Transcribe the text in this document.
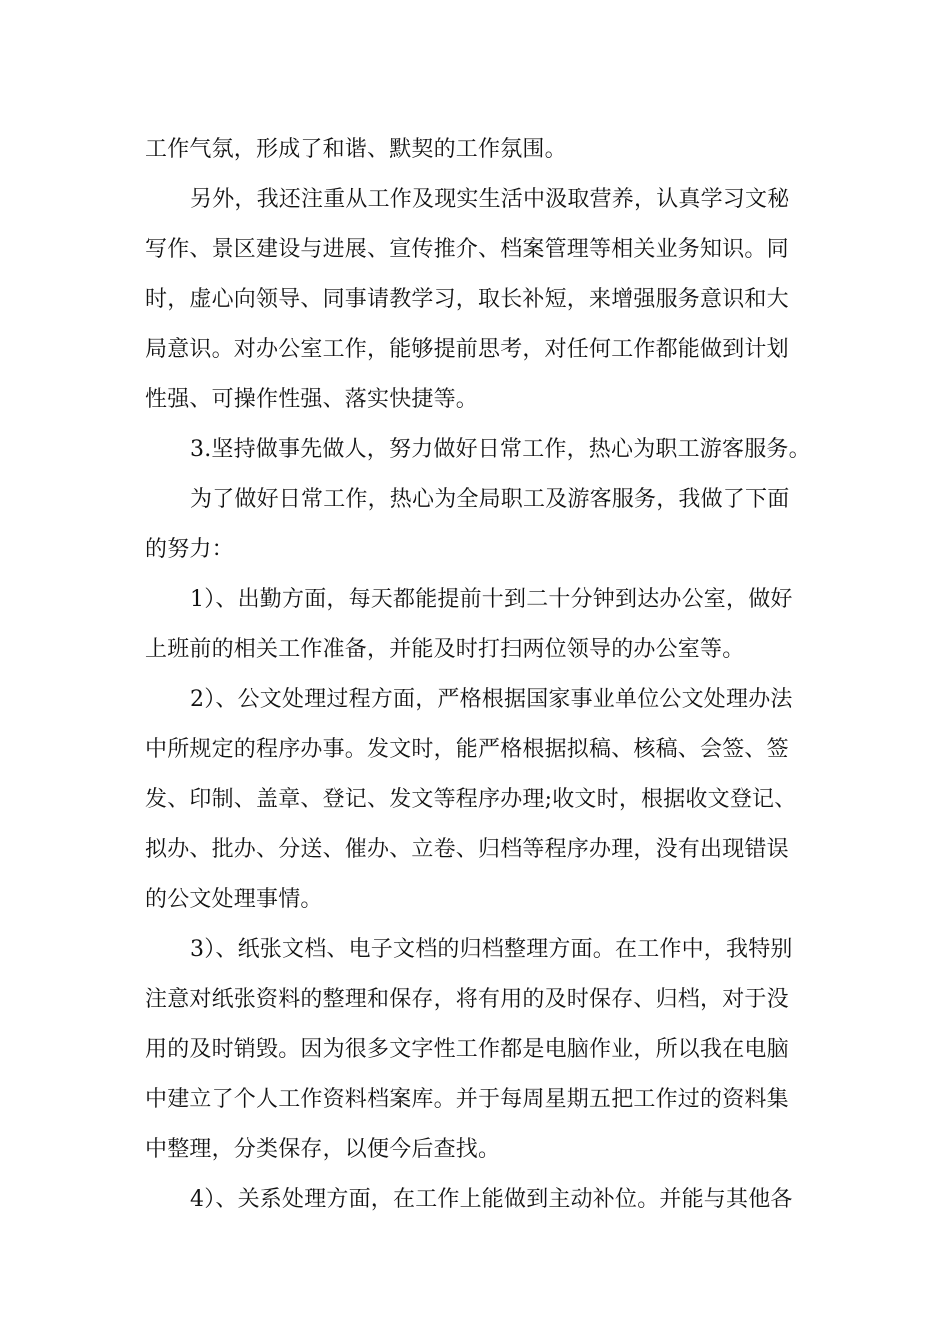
工作气氛，形成了和谐、默契的工作氛围。
另外，我还注重从工作及现实生活中汲取营养，认真学习文秘
写作、景区建设与进展、宣传推介、档案管理等相关业务知识。同
时，虚心向领导、同事请教学习，取长补短，来增强服务意识和大
局意识。对办公室工作，能够提前思考，对任何工作都能做到计划
性强、可操作性强、落实快捷等。
3.坚持做事先做人，努力做好日常工作，热心为职工游客服务。
为了做好日常工作，热心为全局职工及游客服务，我做了下面
的努力：
1）、出勤方面，每天都能提前十到二十分钟到达办公室，做好
上班前的相关工作准备，并能及时打扫两位领导的办公室等。
2）、公文处理过程方面，严格根据国家事业单位公文处理办法
中所规定的程序办事。发文时，能严格根据拟稿、核稿、会签、签
发、印制、盖章、登记、发文等程序办理;收文时，根据收文登记、
拟办、批办、分送、催办、立卷、归档等程序办理，没有出现错误
的公文处理事情。
3）、纸张文档、电子文档的归档整理方面。在工作中，我特别
注意对纸张资料的整理和保存，将有用的及时保存、归档，对于没
用的及时销毁。因为很多文字性工作都是电脑作业，所以我在电脑
中建立了个人工作资料档案库。并于每周星期五把工作过的资料集
中整理，分类保存，以便今后查找。
4）、关系处理方面，在工作上能做到主动补位。并能与其他各
